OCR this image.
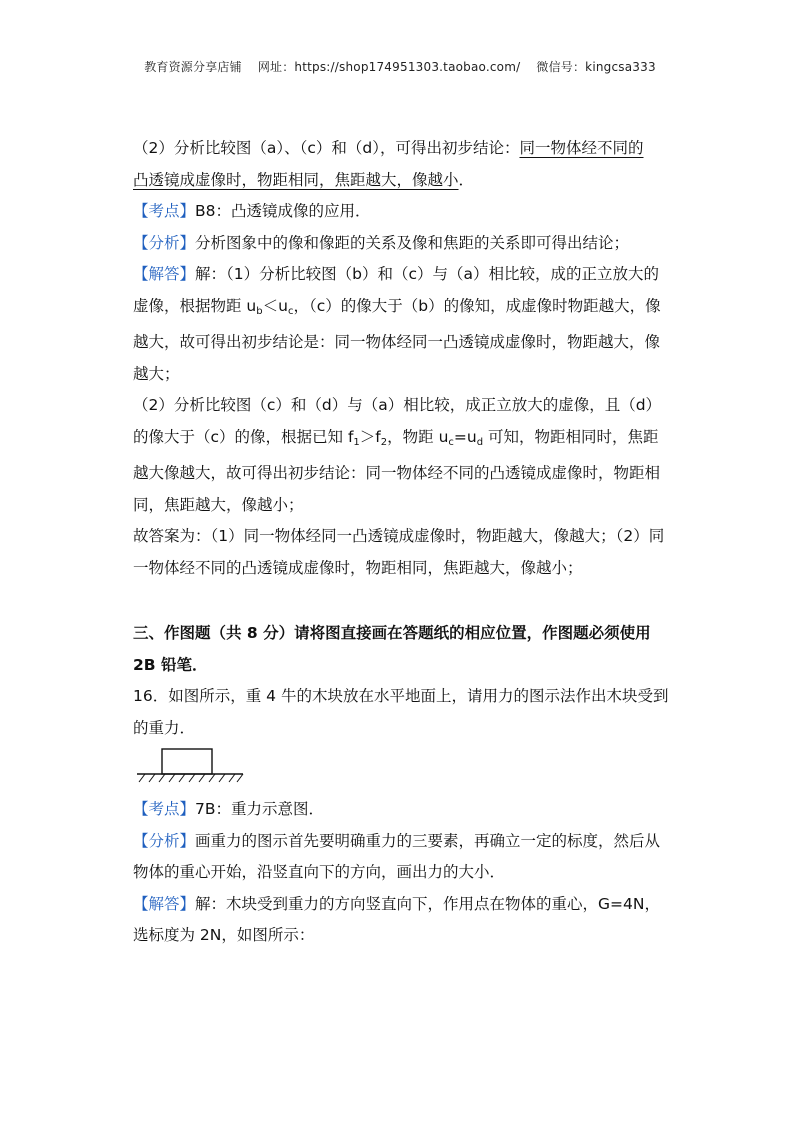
教育资源分享店铺 网址：https://shop174951303.taobao.com/ 微信号：kingcsa333

（2）分析比较图（a）、（c）和（d），可得出初步结论：同一物体经不同的
凸透镜成虚像时，物距相同，焦距越大，像越小．

【考点】B8：凸透镜成像的应用．

【分析】分析图象中的像和像距的关系及像和焦距的关系即可得出结论；

【解答】解：（1）分析比较图（b）和（c）与（a）相比较，成的正立放大的虚像，根据物距 $u_b<u_c$，（c）的像大于（b）的像知，成虚像时物距越大，像越大，故可得出初步结论是：同一物体经同一凸透镜成虚像时，物距越大，像越大；

（2）分析比较图（c）和（d）与（a）相比较，成正立放大的虚像，且（d）的像大于（c）的像，根据已知 $f_1>f_2$，物距 $u_c=u_d$ 可知，物距相同时，焦距越大像越大，故可得出初步结论：同一物体经不同的凸透镜成虚像时，物距相同，焦距越大，像越小；

故答案为：（1）同一物体经同一凸透镜成虚像时，物距越大，像越大；（2）同一物体经不同的凸透镜成虚像时，物距相同，焦距越大，像越小；

三、作图题（共 8 分）请将图直接画在答题纸的相应位置，作图题必须使用 2B 铅笔．

16．如图所示，重 4 牛的木块放在水平地面上，请用力的图示法作出木块受到的重力．

【考点】7B：重力示意图．

【分析】画重力的图示首先要明确重力的三要素，再确立一定的标度，然后从物体的重心开始，沿竖直向下的方向，画出力的大小．

【解答】解：木块受到重力的方向竖直向下，作用点在物体的重心，G=4N，选标度为 2N，如图所示：
